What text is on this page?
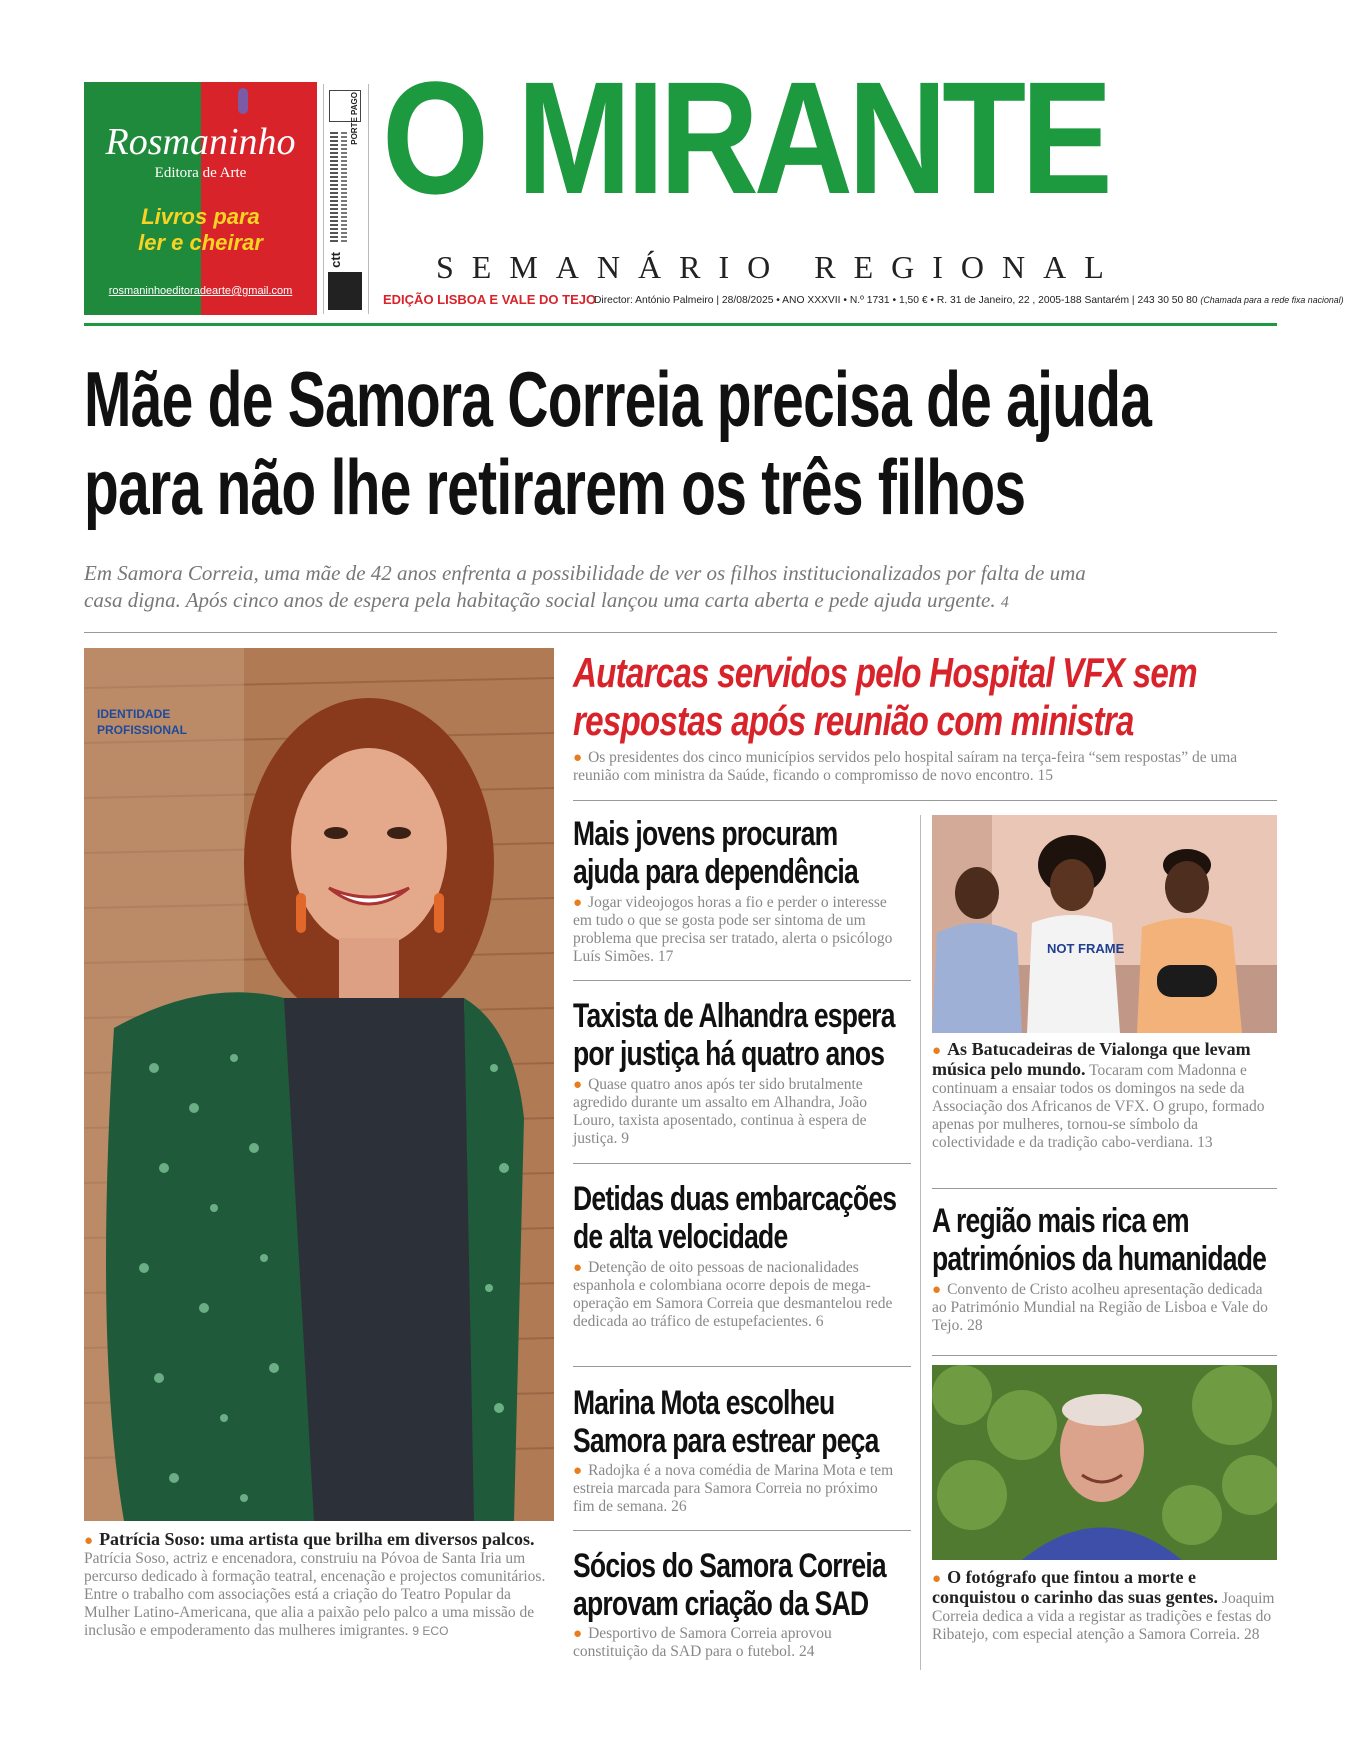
Rosmaninho
Editora de Arte
Livros para
ler e cheirar
rosmaninhoeditoradearte@gmail.com
PORTE PAGO
ctt
O MIRANTE
SEMANÁRIO REGIONAL
EDIÇÃO LISBOA E VALE DO TEJO
Director: António Palmeiro | 28/08/2025 • ANO XXXVII • N.º 1731 • 1,50 € • R. 31 de Janeiro, 22 , 2005-188 Santarém | 243 30 50 80 (Chamada para a rede fixa nacional)
Mãe de Samora Correia precisa de ajuda
para não lhe retirarem os três filhos
Em Samora Correia, uma mãe de 42 anos enfrenta a possibilidade de ver os filhos institucionalizados por falta de uma
casa digna. Após cinco anos de espera pela habitação social lançou uma carta aberta e pede ajuda urgente. 4
IDENTIDADE
PROFISSIONAL
● Patrícia Soso: uma artista que brilha em diversos palcos. Patrícia Soso, actriz e encenadora, construiu na Póvoa de Santa Iria um percurso dedicado à formação teatral, encenação e projectos comunitários. Entre o trabalho com associações está a criação do Teatro Popular da Mulher Latino-Americana, que alia a paixão pelo palco a uma missão de inclusão e empoderamento das mulheres imigrantes. 9 ECO
Autarcas servidos pelo Hospital VFX sem
respostas após reunião com ministra
● Os presidentes dos cinco municípios servidos pelo hospital saíram na terça-feira “sem respostas” de uma reunião com ministra da Saúde, ficando o compromisso de novo encontro. 15
Mais jovens procuram
ajuda para dependência
● Jogar videojogos horas a fio e perder o interesse em tudo o que se gosta pode ser sintoma de um problema que precisa ser tratado, alerta o psicólogo Luís Simões. 17
Taxista de Alhandra espera
por justiça há quatro anos
● Quase quatro anos após ter sido brutalmente agredido durante um assalto em Alhandra, João Louro, taxista aposentado, continua à espera de justiça. 9
Detidas duas embarcações
de alta velocidade
● Detenção de oito pessoas de nacionalidades espanhola e colombiana ocorre depois de mega-operação em Samora Correia que desmantelou rede dedicada ao tráfico de estupefacientes. 6
Marina Mota escolheu
Samora para estrear peça
● Radojka é a nova comédia de Marina Mota e tem estreia marcada para Samora Correia no próximo fim de semana. 26
Sócios do Samora Correia
aprovam criação da SAD
● Desportivo de Samora Correia aprovou constituição da SAD para o futebol. 24
NOT FRAME
● As Batucadeiras de Vialonga que levam música pelo mundo. Tocaram com Madonna e continuam a ensaiar todos os domingos na sede da Associação dos Africanos de VFX. O grupo, formado apenas por mulheres, tornou-se símbolo da colectividade e da tradição cabo-verdiana. 13
A região mais rica em
patrimónios da humanidade
● Convento de Cristo acolheu apresentação dedicada ao Património Mundial na Região de Lisboa e Vale do Tejo. 28
● O fotógrafo que fintou a morte e conquistou o carinho das suas gentes. Joaquim Correia dedica a vida a registar as tradições e festas do Ribatejo, com especial atenção a Samora Correia. 28
